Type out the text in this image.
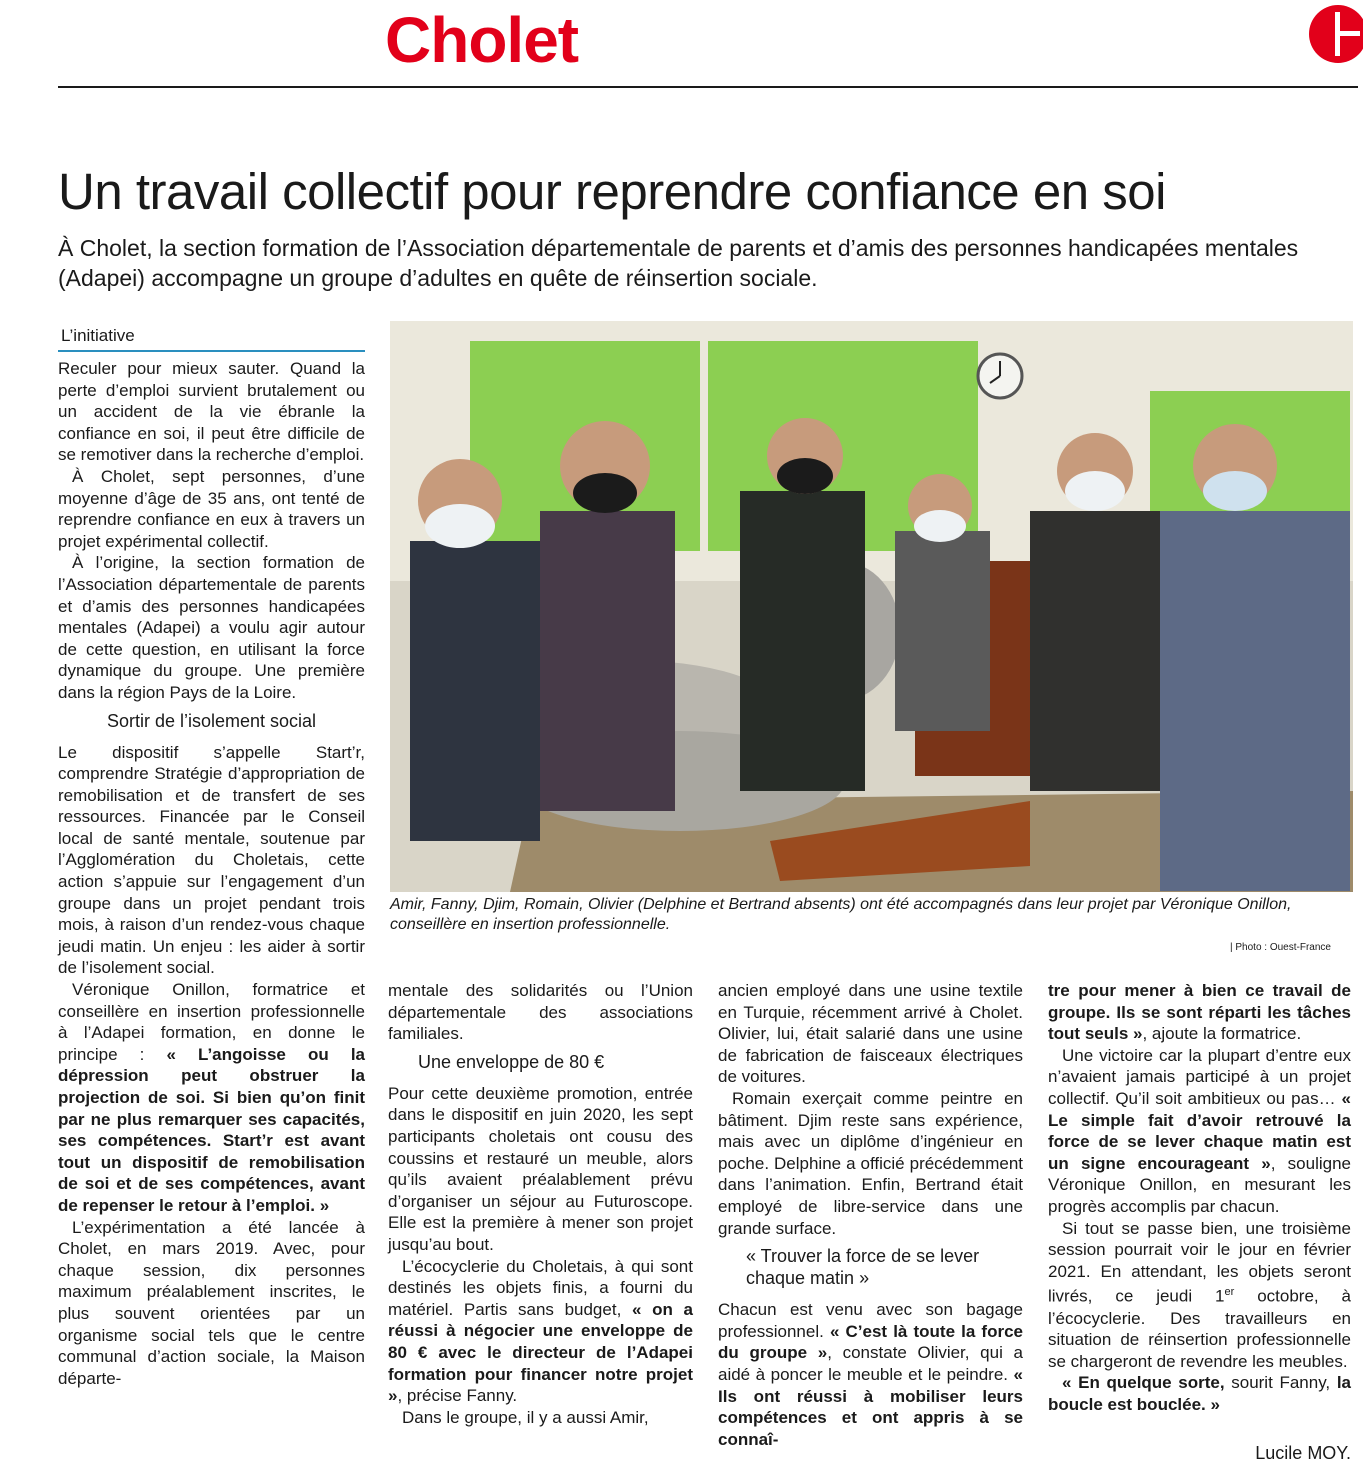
Cholet
Un travail collectif pour reprendre confiance en soi
À Cholet, la section formation de l’Association départementale de parents et d’amis des personnes handicapées mentales (Adapei) accompagne un groupe d’adultes en quête de réinsertion sociale.
L’initiative

Reculer pour mieux sauter. Quand la perte d’emploi survient brutalement ou un accident de la vie ébranle la confiance en soi, il peut être difficile de se remotiver dans la recherche d’emploi.

À Cholet, sept personnes, d’une moyenne d’âge de 35 ans, ont tenté de reprendre confiance en eux à travers un projet expérimental collectif.

À l’origine, la section formation de l’Association départementale de parents et d’amis des personnes handicapées mentales (Adapei) a voulu agir autour de cette question, en utilisant la force dynamique du groupe. Une première dans la région Pays de la Loire.

Sortir de l’isolement social

Le dispositif s’appelle Start’r, comprendre Stratégie d’appropriation de remobilisation et de transfert de ses ressources. Financée par le Conseil local de santé mentale, soutenue par l’Agglomération du Choletais, cette action s’appuie sur l’engagement d’un groupe dans un projet pendant trois mois, à raison d’un rendez-vous chaque jeudi matin. Un enjeu : les aider à sortir de l’isolement social.

Véronique Onillon, formatrice et conseillère en insertion professionnelle à l’Adapei formation, en donne le principe : « L’angoisse ou la dépression peut obstruer la projection de soi. Si bien qu’on finit par ne plus remarquer ses capacités, ses compétences. Start’r est avant tout un dispositif de remobilisation de soi et de ses compétences, avant de repenser le retour à l’emploi. »

L’expérimentation a été lancée à Cholet, en mars 2019. Avec, pour chaque session, dix personnes maximum préalablement inscrites, le plus souvent orientées par un organisme social tels que le centre communal d’action sociale, la Maison départe-

Amir, Fanny, Djim, Romain, Olivier (Delphine et Bertrand absents) ont été accompagnés dans leur projet par Véronique Onillon, conseillère en insertion professionnelle.
| Photo : Ouest-France

mentale des solidarités ou l’Union départementale des associations familiales.

Une enveloppe de 80 €

Pour cette deuxième promotion, entrée dans le dispositif en juin 2020, les sept participants choletais ont cousu des coussins et restauré un meuble, alors qu’ils avaient préalablement prévu d’organiser un séjour au Futuroscope. Elle est la première à mener son projet jusqu’au bout.

L’écocyclerie du Choletais, à qui sont destinés les objets finis, a fourni du matériel. Partis sans budget, « on a réussi à négocier une enveloppe de 80 € avec le directeur de l’Adapei formation pour financer notre projet », précise Fanny.

Dans le groupe, il y a aussi Amir,

ancien employé dans une usine textile en Turquie, récemment arrivé à Cholet. Olivier, lui, était salarié dans une usine de fabrication de faisceaux électriques de voitures.

Romain exerçait comme peintre en bâtiment. Djim reste sans expérience, mais avec un diplôme d’ingénieur en poche. Delphine a officié précédemment dans l’animation. Enfin, Bertrand était employé de libre-service dans une grande surface.

« Trouver la force de se lever chaque matin »

Chacun est venu avec son bagage professionnel. « C’est là toute la force du groupe », constate Olivier, qui a aidé à poncer le meuble et le peindre. « Ils ont réussi à mobiliser leurs compétences et ont appris à se connaî-

tre pour mener à bien ce travail de groupe. Ils se sont réparti les tâches tout seuls », ajoute la formatrice.

Une victoire car la plupart d’entre eux n’avaient jamais participé à un projet collectif. Qu’il soit ambitieux ou pas… « Le simple fait d’avoir retrouvé la force de se lever chaque matin est un signe encourageant », souligne Véronique Onillon, en mesurant les progrès accomplis par chacun.

Si tout se passe bien, une troisième session pourrait voir le jour en février 2021. En attendant, les objets seront livrés, ce jeudi 1er octobre, à l’écocyclerie. Des travailleurs en situation de réinsertion professionnelle se chargeront de revendre les meubles.

« En quelque sorte, sourit Fanny, la boucle est bouclée. »

Lucile MOY.
